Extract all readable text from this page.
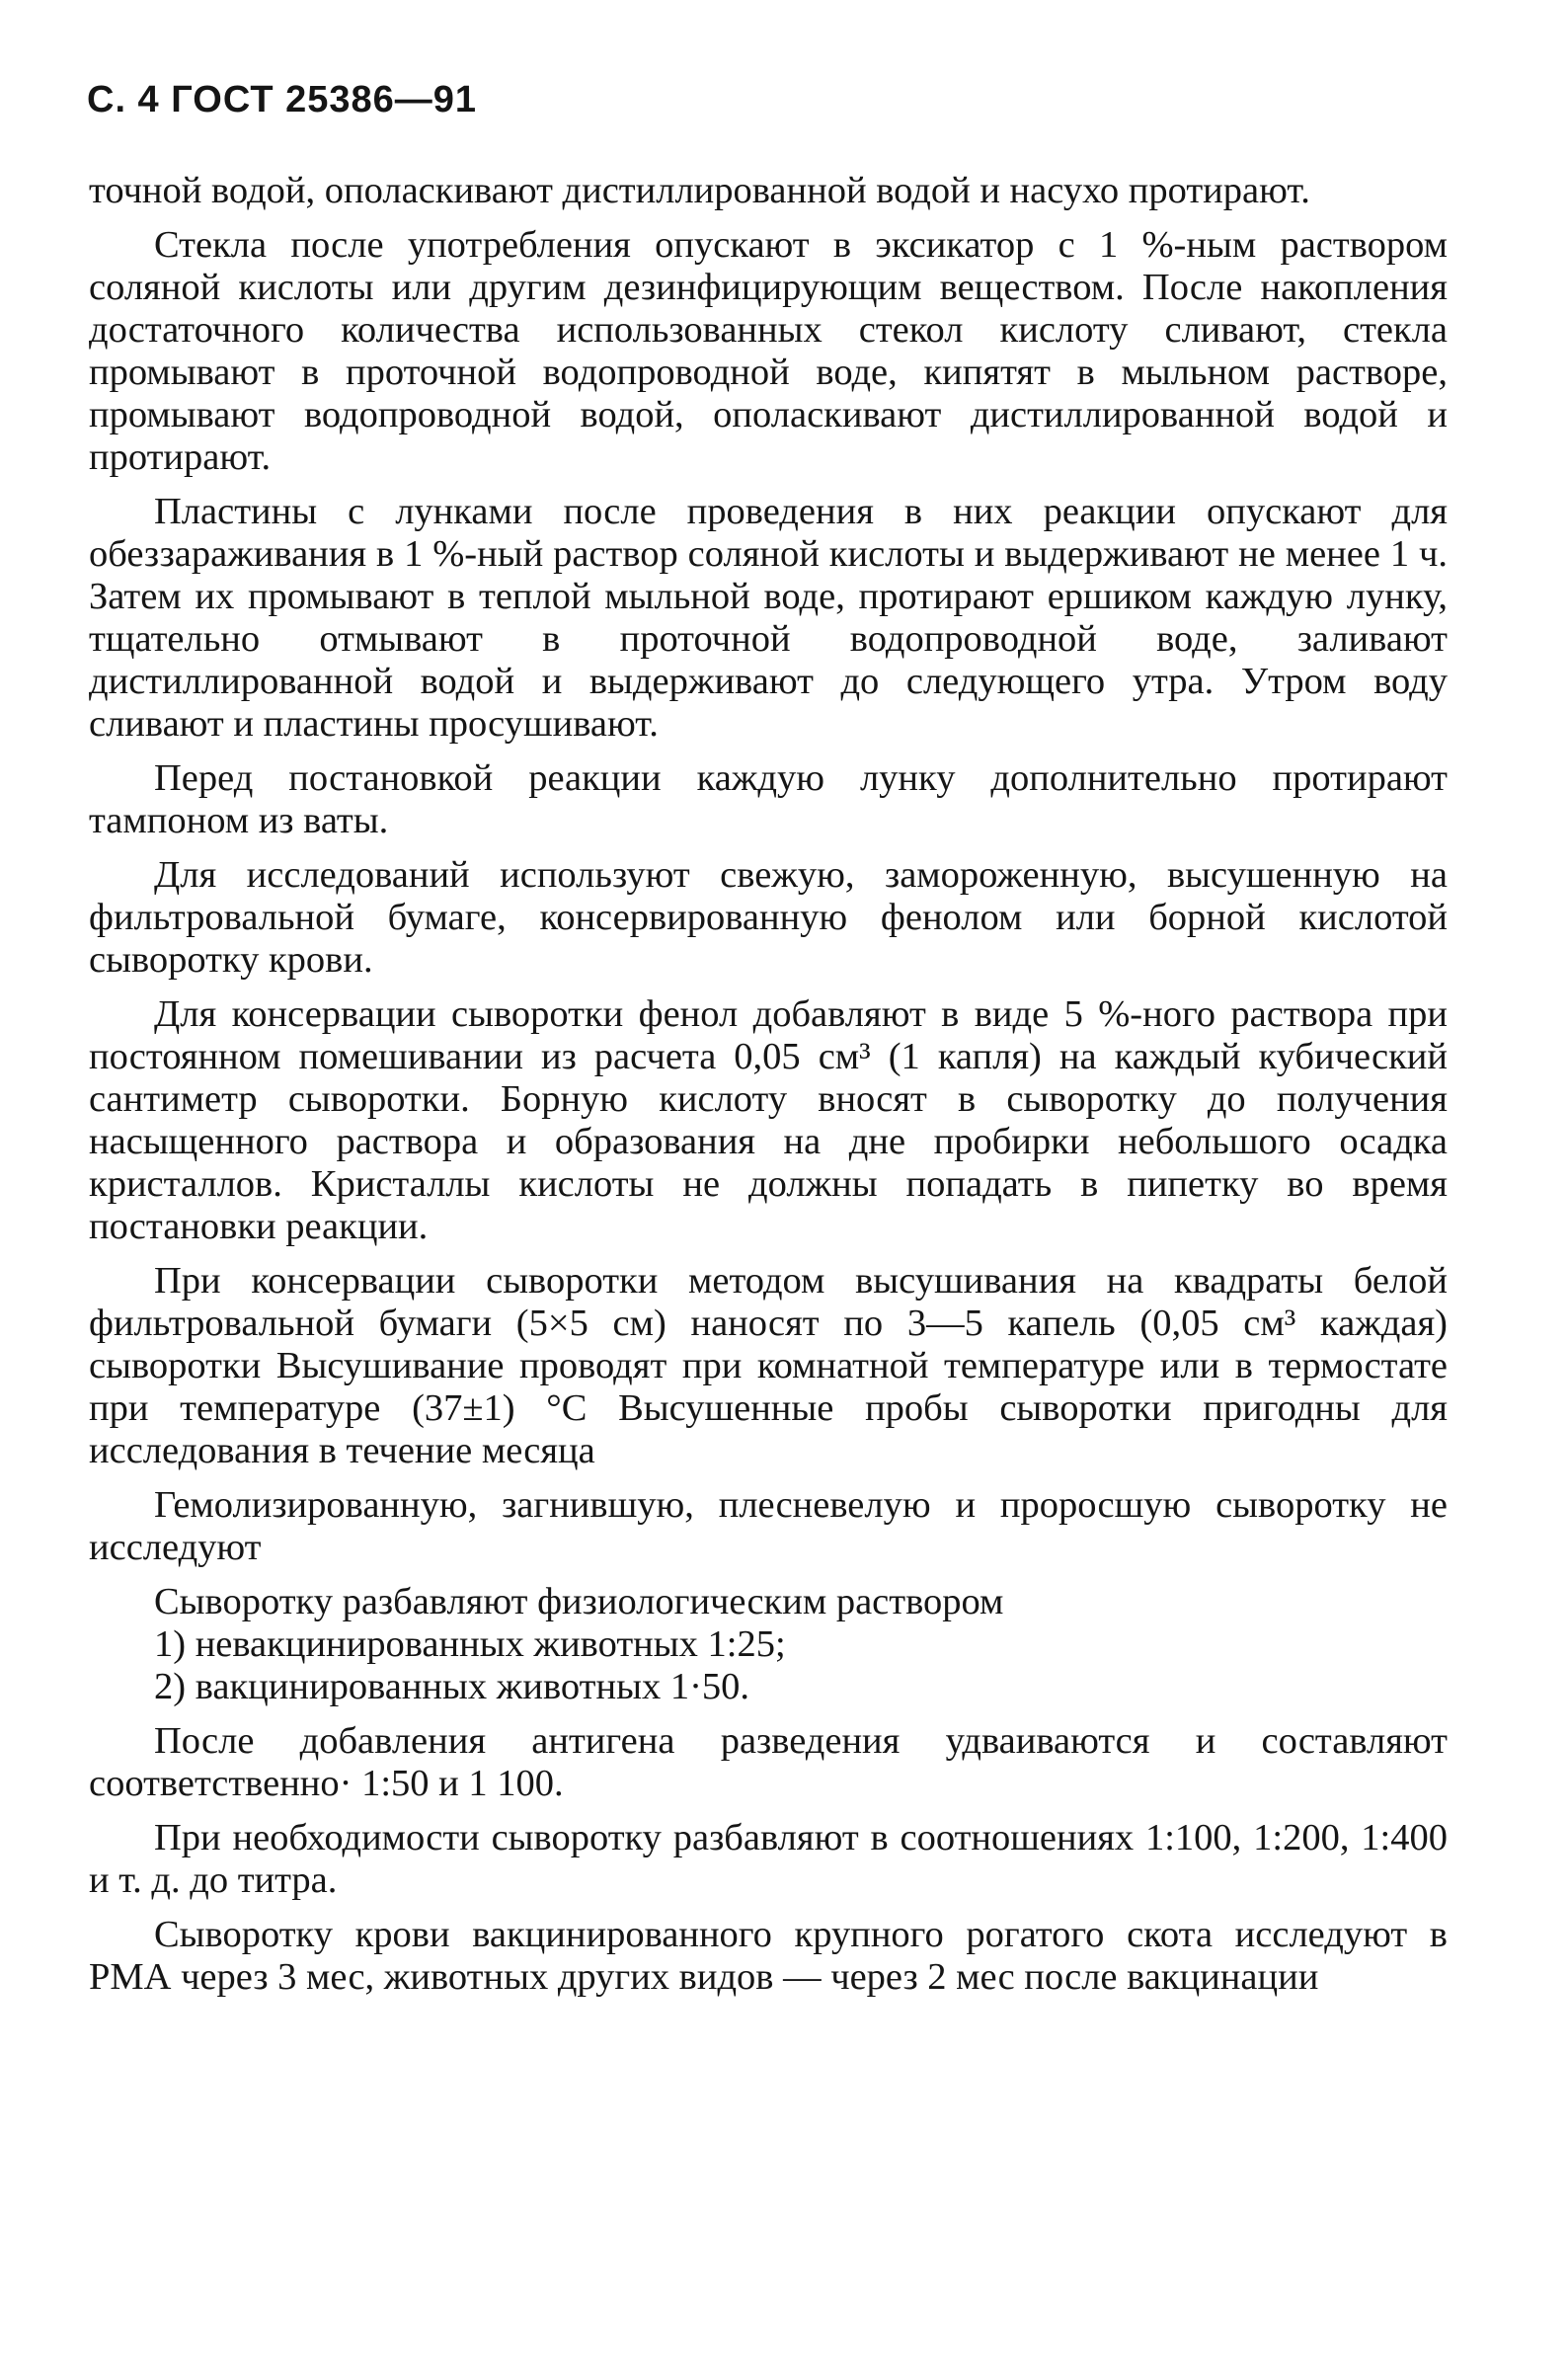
С. 4 ГОСТ 25386—91

точной водой, ополаскивают дистиллированной водой и насухо протирают.

Стекла после употребления опускают в эксикатор с 1 %-ным раствором соляной кислоты или другим дезинфицирующим веществом. После накопления достаточного количества использованных стекол кислоту сливают, стекла промывают в проточной водопроводной воде, кипятят в мыльном растворе, промывают водопроводной водой, ополаскивают дистиллированной водой и протирают.

Пластины с лунками после проведения в них реакции опускают для обеззараживания в 1 %-ный раствор соляной кислоты и выдерживают не менее 1 ч. Затем их промывают в теплой мыльной воде, протирают ершиком каждую лунку, тщательно отмывают в проточной водопроводной воде, заливают дистиллированной водой и выдерживают до следующего утра. Утром воду сливают и пластины просушивают.

Перед постановкой реакции каждую лунку дополнительно протирают тампоном из ваты.

Для исследований используют свежую, замороженную, высушенную на фильтровальной бумаге, консервированную фенолом или борной кислотой сыворотку крови.

Для консервации сыворотки фенол добавляют в виде 5 %-ного раствора при постоянном помешивании из расчета 0,05 см³ (1 капля) на каждый кубический сантиметр сыворотки. Борную кислоту вносят в сыворотку до получения насыщенного раствора и образования на дне пробирки небольшого осадка кристаллов. Кристаллы кислоты не должны попадать в пипетку во время постановки реакции.

При консервации сыворотки методом высушивания на квадраты белой фильтровальной бумаги (5×5 см) наносят по 3—5 капель (0,05 см³ каждая) сыворотки Высушивание проводят при комнатной температуре или в термостате при температуре (37±1) °С Высушенные пробы сыворотки пригодны для исследования в течение месяца

Гемолизированную, загнившую, плесневелую и проросшую сыворотку не исследуют

Сыворотку разбавляют физиологическим раствором

1) невакцинированных животных 1:25;

2) вакцинированных животных 1·50.

После добавления антигена разведения удваиваются и составляют соответственно· 1:50 и 1 100.

При необходимости сыворотку разбавляют в соотношениях 1:100, 1:200, 1:400 и т. д. до титра.

Сыворотку крови вакцинированного крупного рогатого скота исследуют в РМА через 3 мес, животных других видов — через 2 мес после вакцинации
